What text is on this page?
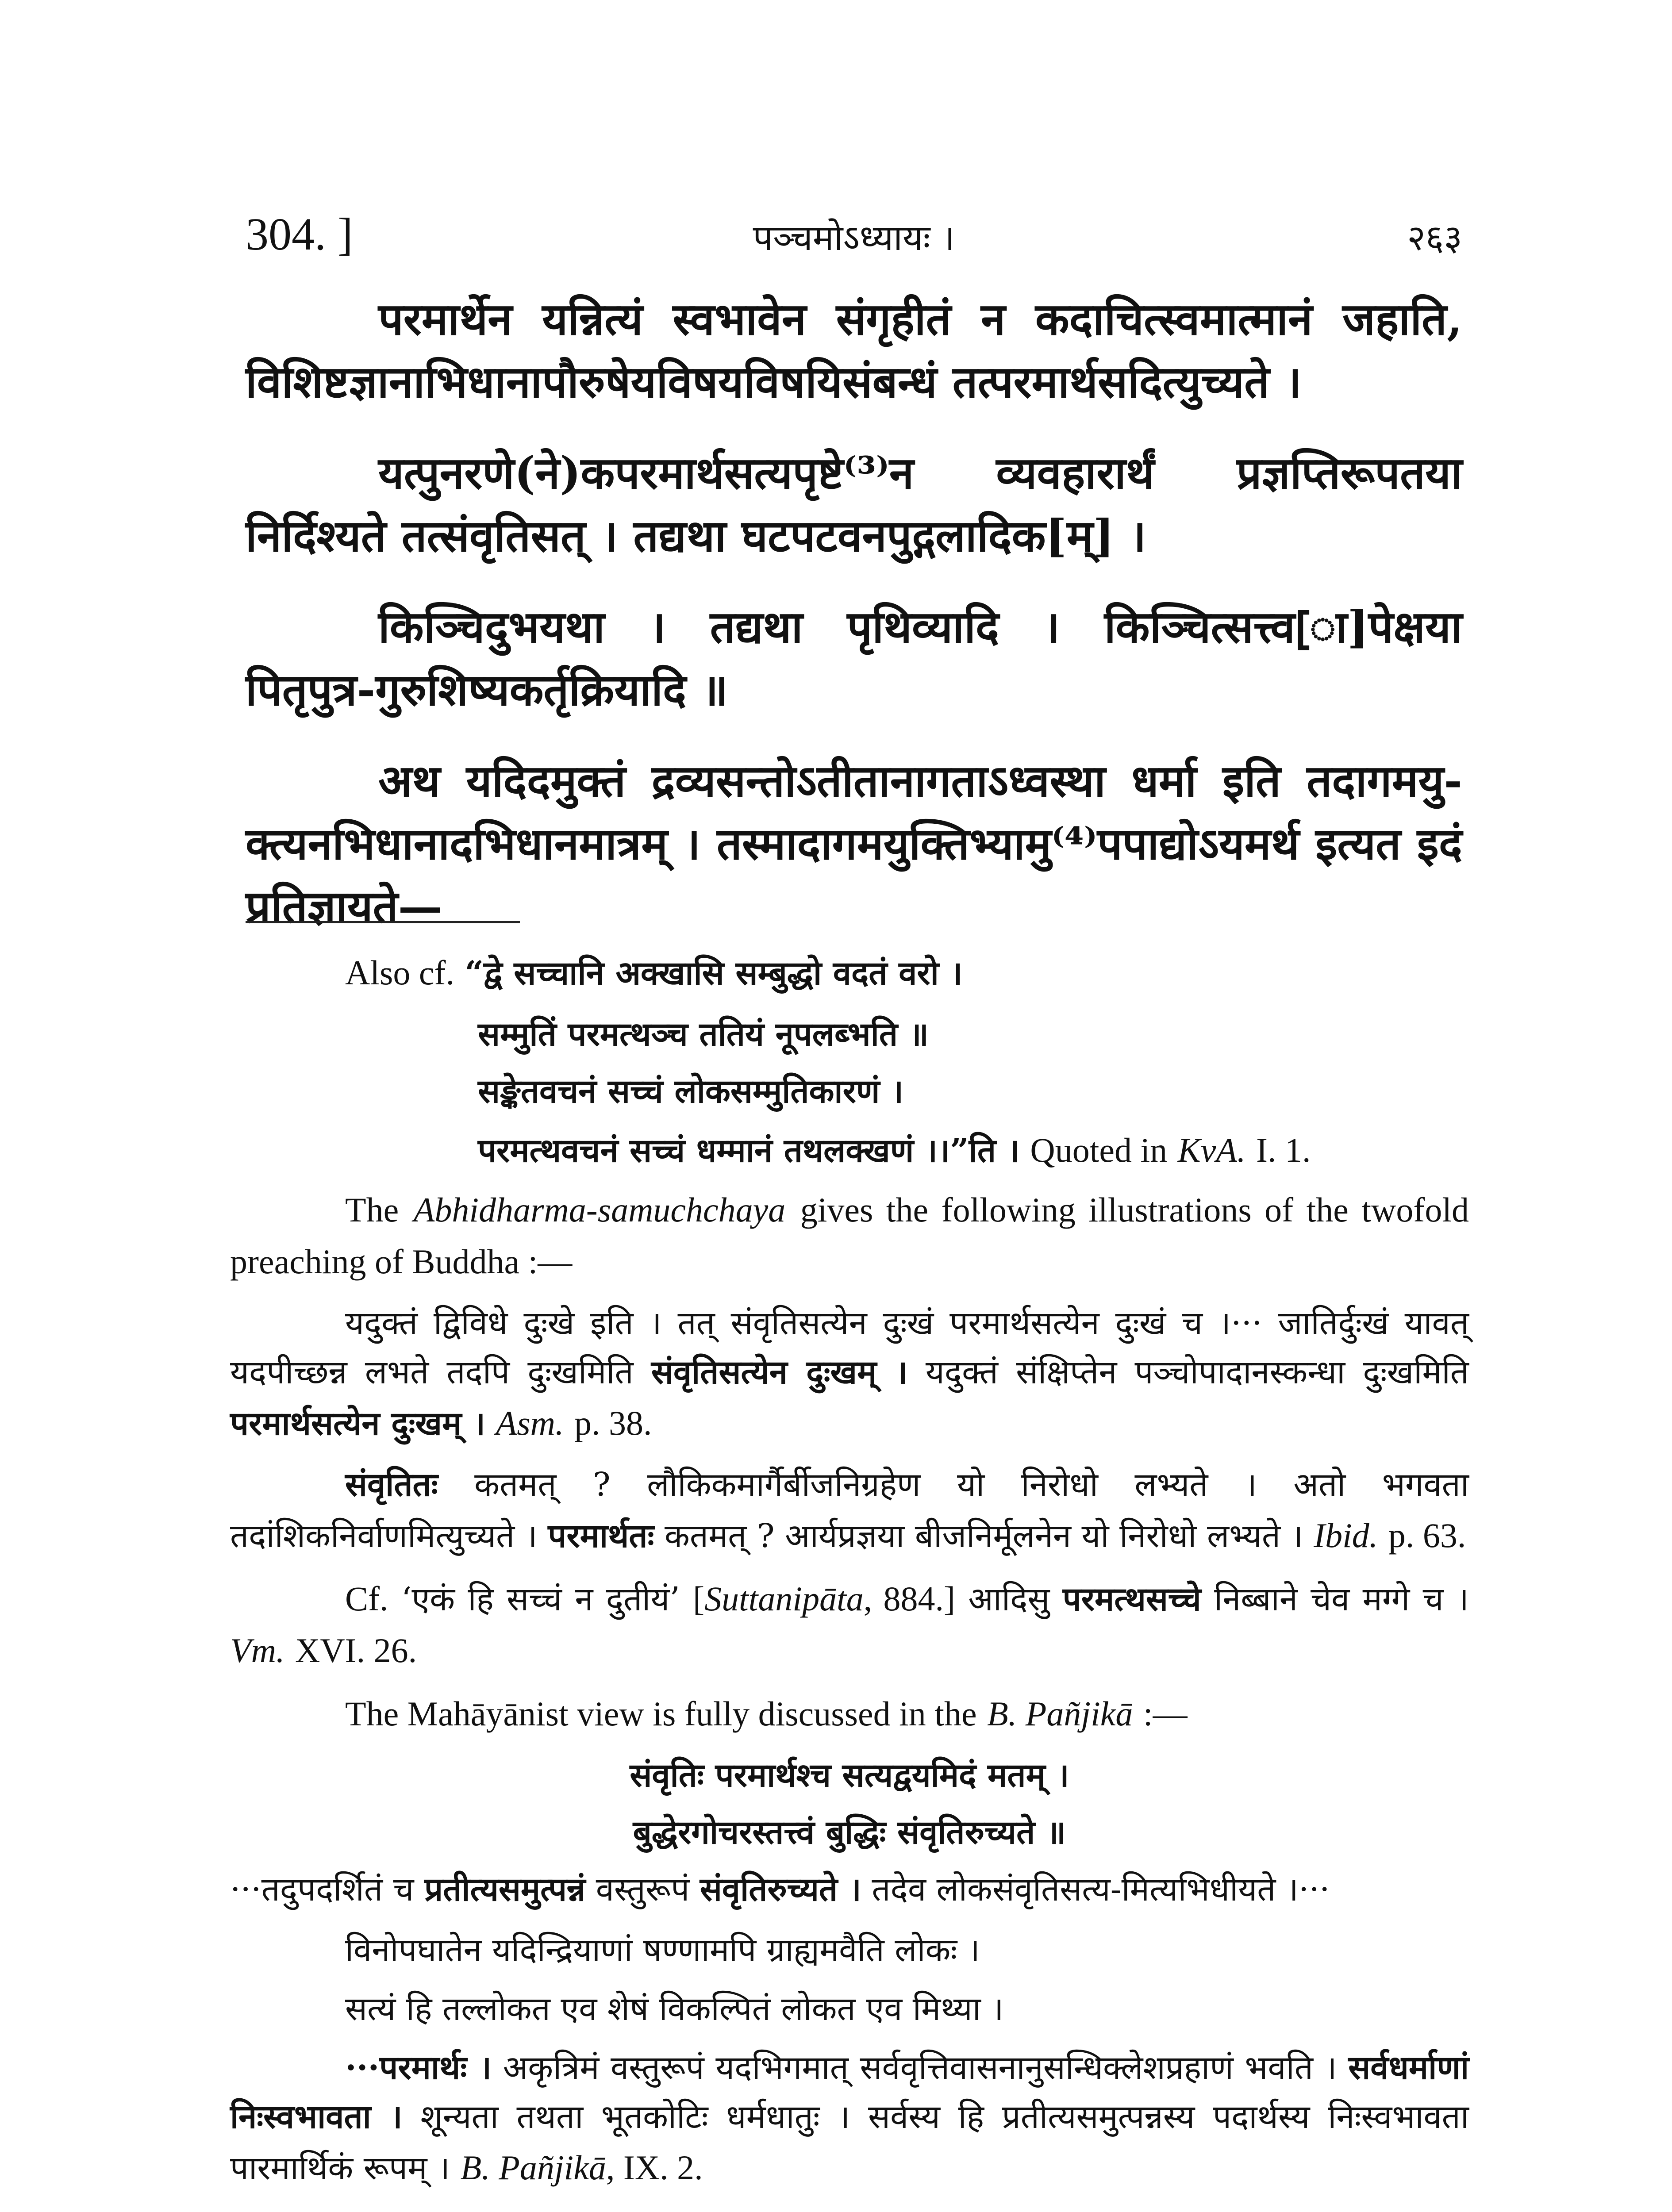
304. ]	पञ्चमोऽध्यायः ।	२६३

परमार्थेन यन्नित्यं स्वभावेन संगृहीतं न कदाचित्स्वमात्मानं जहाति, विशिष्टज्ञानाभिधानापौरुषेयविषयविषयिसंबन्धं तत्परमार्थसदित्युच्यते ।

यत्पुनरणे(ने)कपरमार्थसत्यपृष्टे⁽³⁾न व्यवहारार्थं प्रज्ञप्तिरूपतया निर्दिश्यते तत्संवृतिसत् । तद्यथा घटपटवनपुद्गलादिक[म्] ।

किञ्चिदुभयथा । तद्यथा पृथिव्यादि । किञ्चित्सत्त्व[ा]पेक्षया पितृपुत्र-गुरुशिष्यकर्तृक्रियादि ॥

अथ यदिदमुक्तं द्रव्यसन्तोऽतीतानागताऽध्वस्था धर्मा इति तदागमयु-क्त्यनभिधानादभिधानमात्रम् । तस्मादागमयुक्तिभ्यामु⁽⁴⁾पपाद्योऽयमर्थ इत्यत इदं प्रतिज्ञायते—

Also cf. “द्वे सच्चानि अक्खासि सम्बुद्धो वदतं वरो ।

सम्मुतिं परमत्थञ्च ततियं नूपलब्भति ॥

सङ्केतवचनं सच्चं लोकसम्मुतिकारणं ।

परमत्थवचनं सच्चं धम्मानं तथलक्खणं ।।”ति । Quoted in KvA. I. 1.

The Abhidharma-samuchchaya gives the following illustrations of the twofold preaching of Buddha :—

यदुक्तं द्विविधे दुःखे इति । तत् संवृतिसत्येन दुःखं परमार्थसत्येन दुःखं च ।··· जातिर्दुःखं यावत् यदपीच्छन्न लभते तदपि दुःखमिति संवृतिसत्येन दुःखम् । यदुक्तं संक्षिप्तेन पञ्चोपादानस्कन्धा दुःखमिति परमार्थसत्येन दुःखम् । Asm. p. 38.

संवृतितः कतमत् ? लौकिकमार्गैर्बीजनिग्रहेण यो निरोधो लभ्यते । अतो भगवता तदांशिकनिर्वाणमित्युच्यते । परमार्थतः कतमत् ? आर्यप्रज्ञया बीजनिर्मूलनेन यो निरोधो लभ्यते । Ibid. p. 63.

Cf. ‘एकं हि सच्चं न दुतीयं’ [Suttanipāta, 884.] आदिसु परमत्थसच्चे निब्बाने चेव मग्गे च । Vm. XVI. 26.

The Mahāyānist view is fully discussed in the B. Pañjikā :—

संवृतिः परमार्थश्च सत्यद्वयमिदं मतम् ।

बुद्धेरगोचरस्तत्त्वं बुद्धिः संवृतिरुच्यते ॥

···तदुपदर्शितं च प्रतीत्यसमुत्पन्नं वस्तुरूपं संवृतिरुच्यते । तदेव लोकसंवृतिसत्य-मित्यभिधीयते ।···

विनोपघातेन यदिन्द्रियाणां षण्णामपि ग्राह्यमवैति लोकः ।

सत्यं हि तल्लोकत एव शेषं विकल्पितं लोकत एव मिथ्या ।

···परमार्थः । अकृत्रिमं वस्तुरूपं यदभिगमात् सर्ववृत्तिवासनानुसन्धिक्लेशप्रहाणं भवति । सर्वधर्माणां निःस्वभावता । शून्यता तथता भूतकोटिः धर्मधातुः । सर्वस्य हि प्रतीत्यसमुत्पन्नस्य पदार्थस्य निःस्वभावता पारमार्थिकं रूपम् । B. Pañjikā, IX. 2.
